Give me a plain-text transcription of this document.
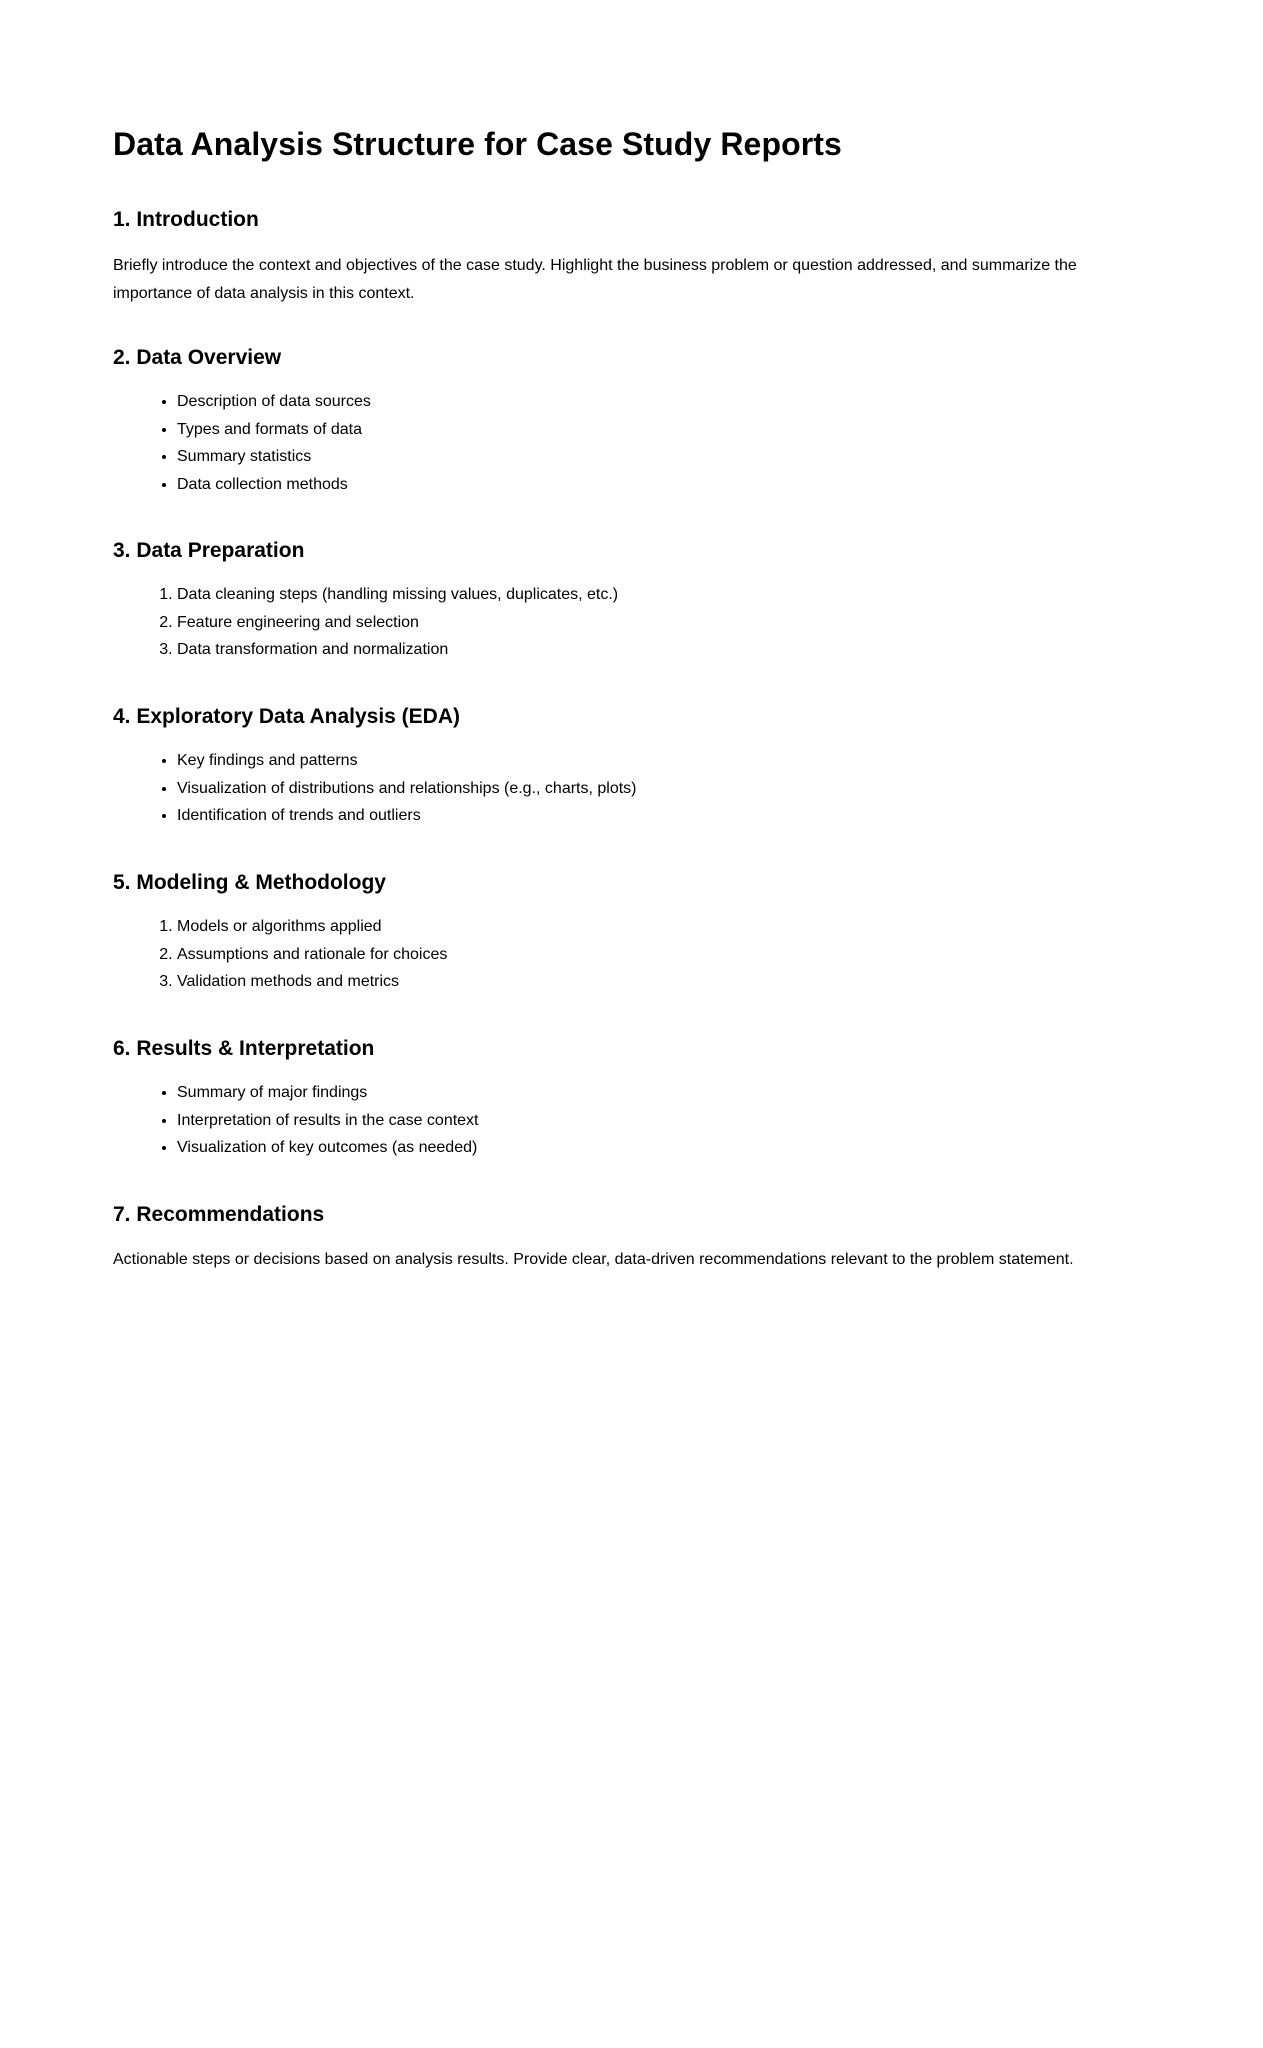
Data Analysis Structure for Case Study Reports
1. Introduction

Briefly introduce the context and objectives of the case study. Highlight the business problem or question addressed, and summarize the importance of data analysis in this context.

2. Data Overview
• Description of data sources
• Types and formats of data
• Summary statistics
• Data collection methods
3. Data Preparation
1. Data cleaning steps (handling missing values, duplicates, etc.)
2. Feature engineering and selection
3. Data transformation and normalization
4. Exploratory Data Analysis (EDA)
• Key findings and patterns
• Visualization of distributions and relationships (e.g., charts, plots)
• Identification of trends and outliers
5. Modeling & Methodology
1. Models or algorithms applied
2. Assumptions and rationale for choices
3. Validation methods and metrics
6. Results & Interpretation
• Summary of major findings
• Interpretation of results in the case context
• Visualization of key outcomes (as needed)
7. Recommendations

Actionable steps or decisions based on analysis results. Provide clear, data-driven recommendations relevant to the problem statement.
